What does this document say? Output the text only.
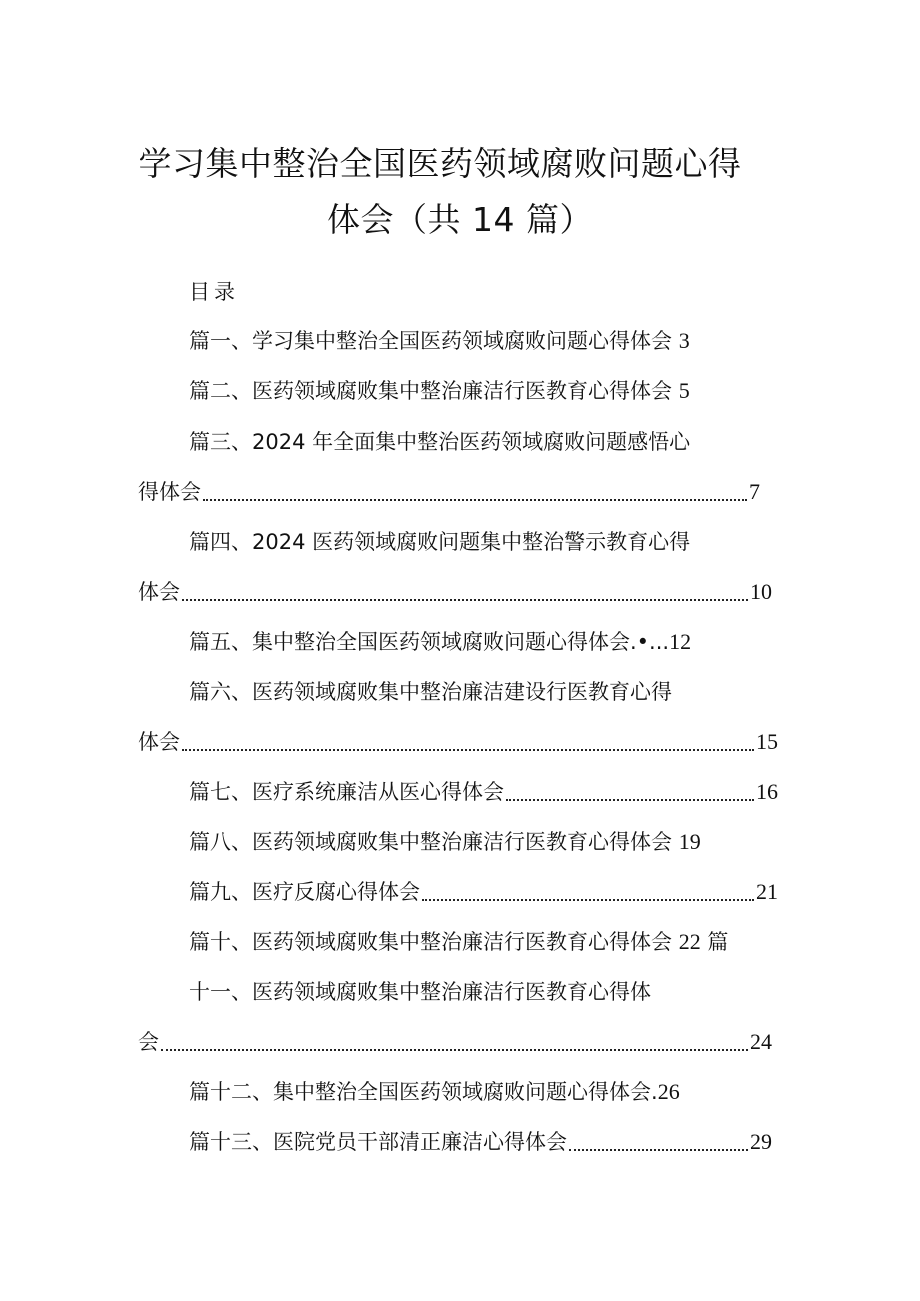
学习集中整治全国医药领域腐败问题心得
体会（共 14 篇）
目录
篇一、学习集中整治全国医药领域腐败问题心得体会 3
篇二、医药领域腐败集中整治廉洁行医教育心得体会 5
篇三、2024 年全面集中整治医药领域腐败问题感悟心
得体会	7
篇四、2024 医药领域腐败问题集中整治警示教育心得
体会	10
篇五、集中整治全国医药领域腐败问题心得体会.•...12
篇六、医药领域腐败集中整治廉洁建设行医教育心得
体会	15
篇七、医疗系统廉洁从医心得体会	16
篇八、医药领域腐败集中整治廉洁行医教育心得体会 19
篇九、医疗反腐心得体会	21
篇十、医药领域腐败集中整治廉洁行医教育心得体会 22 篇
十一、医药领域腐败集中整治廉洁行医教育心得体
会	24
篇十二、集中整治全国医药领域腐败问题心得体会.26
篇十三、医院党员干部清正廉洁心得体会	29
